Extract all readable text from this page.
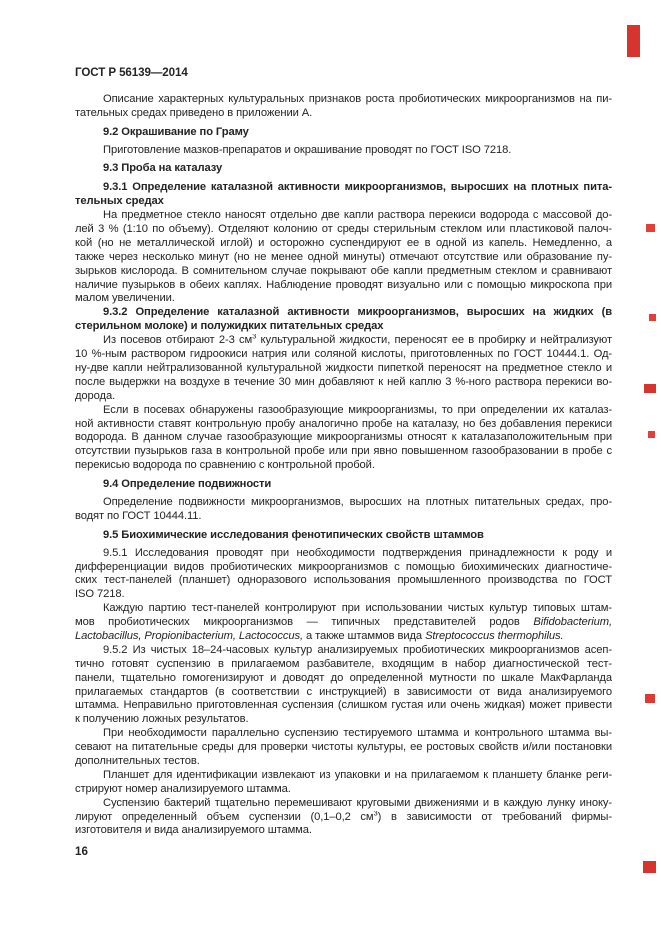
ГОСТ Р 56139—2014
Описание характерных культуральных признаков роста пробиотических микроорганизмов на пи-
тательных средах приведено в приложении А.
9.2 Окрашивание по Граму
Приготовление мазков-препаратов и окрашивание проводят по ГОСТ ISO 7218.
9.3 Проба на каталазу
9.3.1 Определение каталазной активности микроорганизмов, выросших на плотных пита-
тельных средах
На предметное стекло наносят отдельно две капли раствора перекиси водорода с массовой до-
лей 3 % (1:10 по объему). Отделяют колонию от среды стерильным стеклом или пластиковой палоч-
кой (но не металлической иглой) и осторожно суспендируют ее в одной из капель. Немедленно, а
также через несколько минут (но не менее одной минуты) отмечают отсутствие или образование пу-
зырьков кислорода. В сомнительном случае покрывают обе капли предметным стеклом и сравнивают
наличие пузырьков в обеих каплях. Наблюдение проводят визуально или с помощью микроскопа при
малом увеличении.
9.3.2 Определение каталазной активности микроорганизмов, выросших на жидких (в
стерильном молоке) и полужидких питательных средах
Из посевов отбирают 2-3 $см^3$ культуральной жидкости, переносят ее в пробирку и нейтрализуют
10 %-ным раствором гидроокиси натрия или соляной кислоты, приготовленных по ГОСТ 10444.1. Од-
ну-две капли нейтрализованной культуральной жидкости пипеткой переносят на предметное стекло и
после выдержки на воздухе в течение 30 мин добавляют к ней каплю 3 %-ного раствора перекиси во-
дорода.
Если в посевах обнаружены газообразующие микроорганизмы, то при определении их каталаз-
ной активности ставят контрольную пробу аналогично пробе на каталазу, но без добавления перекиси
водорода. В данном случае газообразующие микроорганизмы относят к каталазаположительным при
отсутствии пузырьков газа в контрольной пробе или при явно повышенном газообразовании в пробе с
перекисью водорода по сравнению с контрольной пробой.
9.4 Определение подвижности
Определение подвижности микроорганизмов, выросших на плотных питательных средах, про-
водят по ГОСТ 10444.11.
9.5 Биохимические исследования фенотипических свойств штаммов
9.5.1 Исследования проводят при необходимости подтверждения принадлежности к роду и
дифференциации видов пробиотических микроорганизмов с помощью биохимических диагностиче-
ских тест-панелей (планшет) одноразового использования промышленного производства по ГОСТ
ISO 7218.
Каждую партию тест-панелей контролируют при использовании чистых культур типовых штам-
мов пробиотических микроорганизмов — типичных представителей родов Bifidobacterium,
Lactobacillus, Propionibacterium, Lactococcus, а также штаммов вида Streptococcus thermophilus.
9.5.2 Из чистых 18–24-часовых культур анализируемых пробиотических микроорганизмов асеп-
тично готовят суспензию в прилагаемом разбавителе, входящим в набор диагностической тест-
панели, тщательно гомогенизируют и доводят до определенной мутности по шкале МакФарланда
прилагаемых стандартов (в соответствии с инструкцией) в зависимости от вида анализируемого
штамма. Неправильно приготовленная суспензия (слишком густая или очень жидкая) может привести
к получению ложных результатов.
При необходимости параллельно суспензию тестируемого штамма и контрольного штамма вы-
севают на питательные среды для проверки чистоты культуры, ее ростовых свойств и/или постановки
дополнительных тестов.
Планшет для идентификации извлекают из упаковки и на прилагаемом к планшету бланке реги-
стрируют номер анализируемого штамма.
Суспензию бактерий тщательно перемешивают круговыми движениями и в каждую лунку иноку-
лируют определенный объем суспензии (0,1–0,2 $см^3$) в зависимости от требований фирмы-
изготовителя и вида анализируемого штамма.
16
